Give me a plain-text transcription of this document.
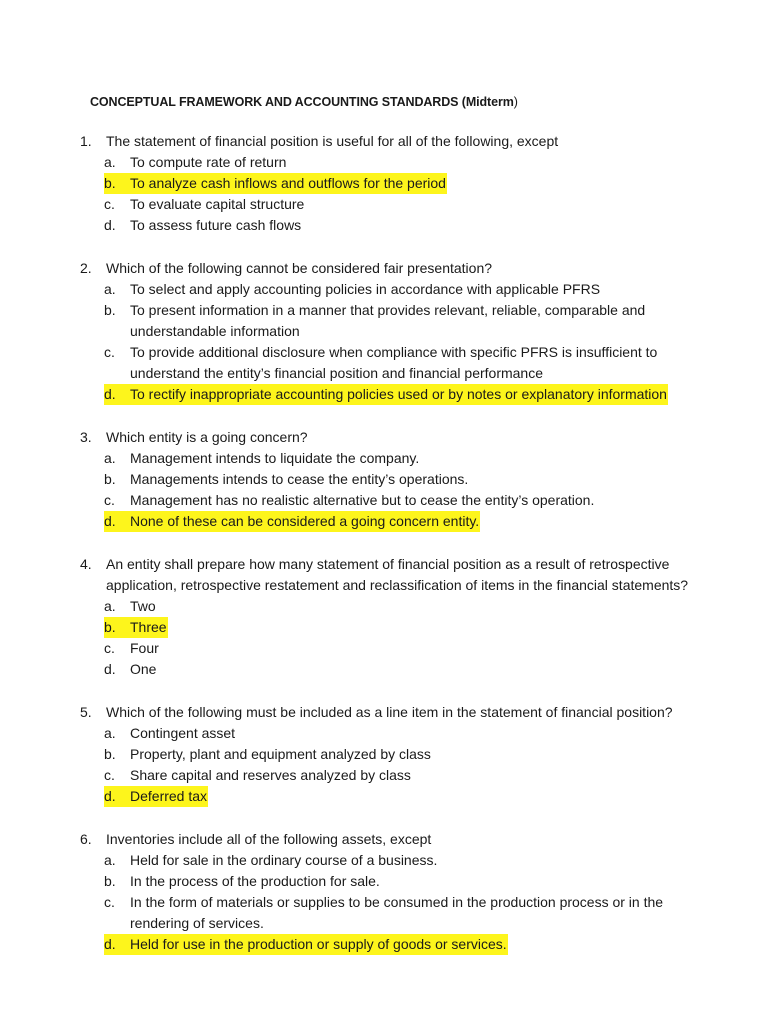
CONCEPTUAL FRAMEWORK AND ACCOUNTING STANDARDS (Midterm)
1.	The statement of financial position is useful for all of the following, except
a.	To compute rate of return
b.	To analyze cash inflows and outflows for the period
c.	To evaluate capital structure
d.	To assess future cash flows
2.	Which of the following cannot be considered fair presentation?
a.	To select and apply accounting policies in accordance with applicable PFRS
b.	To present information in a manner that provides relevant, reliable, comparable and understandable information
c.	To provide additional disclosure when compliance with specific PFRS is insufficient to understand the entity’s financial position and financial performance
d.	To rectify inappropriate accounting policies used or by notes or explanatory information
3.	Which entity is a going concern?
a.	Management intends to liquidate the company.
b.	Managements intends to cease the entity’s operations.
c.	Management has no realistic alternative but to cease the entity’s operation.
d.	None of these can be considered a going concern entity.
4.	An entity shall prepare how many statement of financial position as a result of retrospective application, retrospective restatement and reclassification of items in the financial statements?
a.	Two
b.	Three
c.	Four
d.	One
5.	Which of the following must be included as a line item in the statement of financial position?
a.	Contingent asset
b.	Property, plant and equipment analyzed by class
c.	Share capital and reserves analyzed by class
d.	Deferred tax
6.	Inventories include all of the following assets, except
a.	Held for sale in the ordinary course of a business.
b.	In the process of the production for sale.
c.	In the form of materials or supplies to be consumed in the production process or in the rendering of services.
d.	Held for use in the production or supply of goods or services.
